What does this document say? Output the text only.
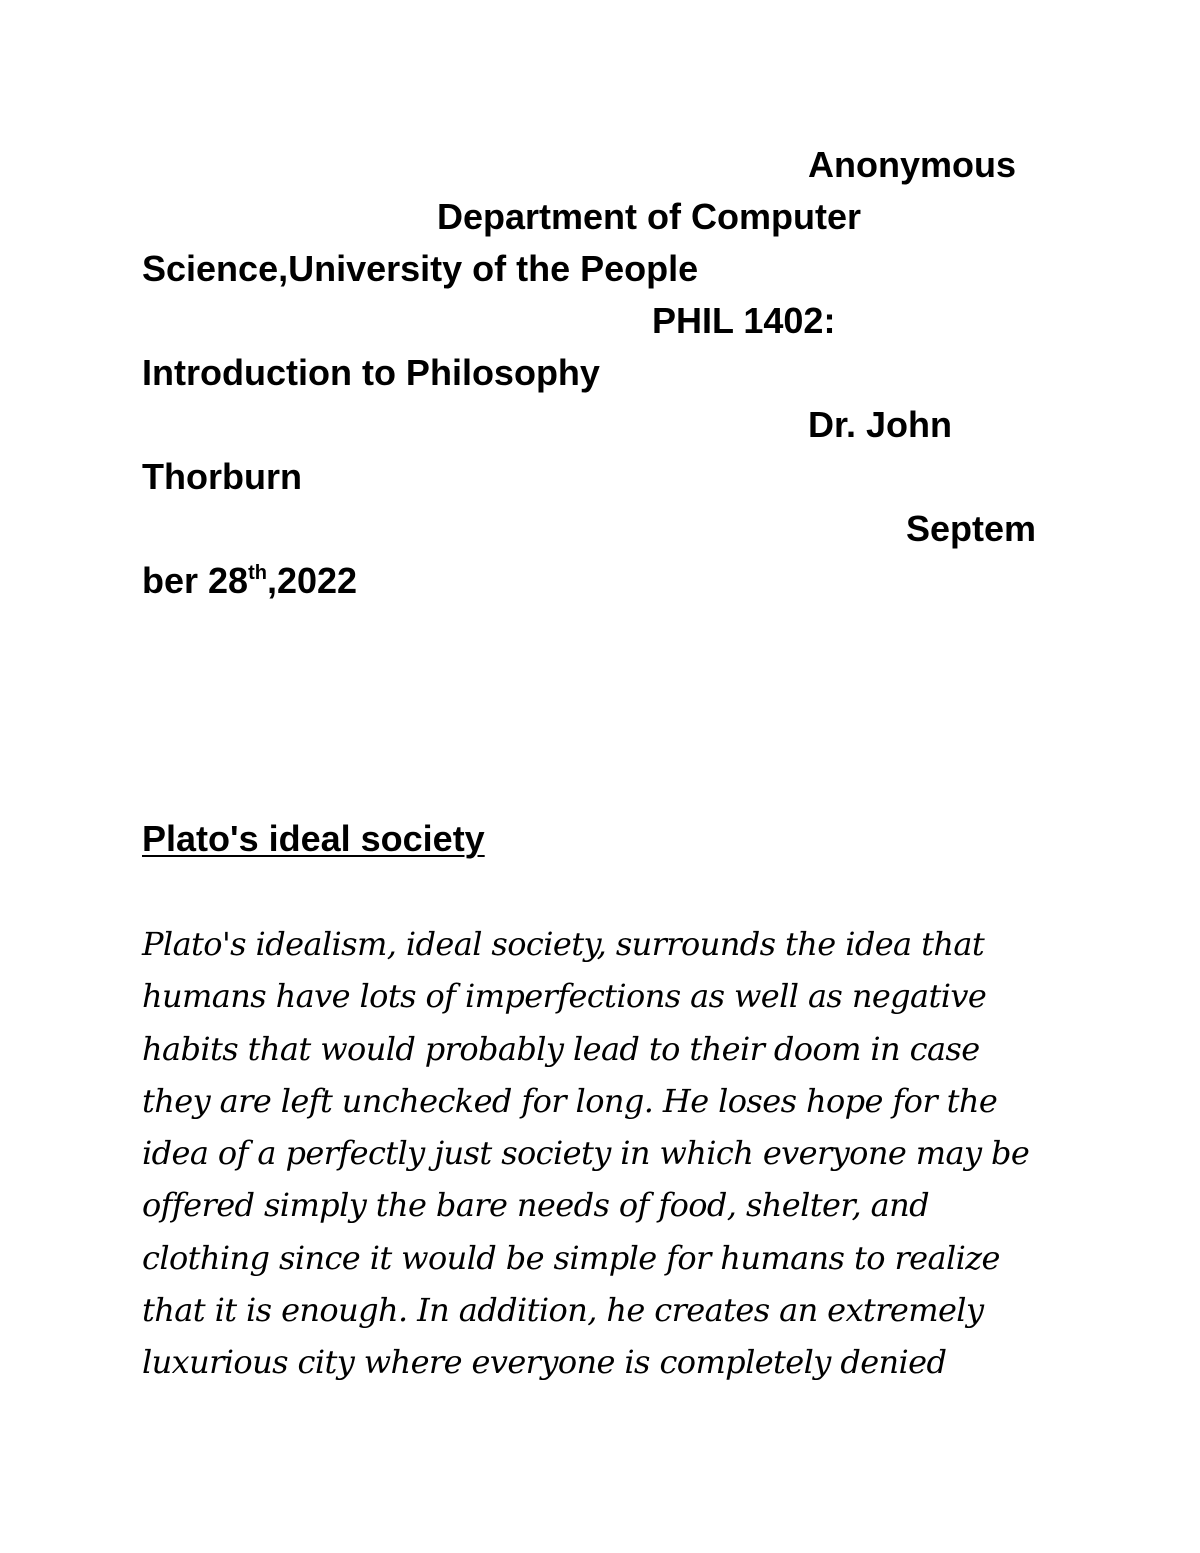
Anonymous
Department of Computer
Science,University of the People
PHIL 1402:
Introduction to Philosophy
Dr. John
Thorburn
Septem
ber 28th,2022
Plato's ideal society
Plato's idealism, ideal society, surrounds the idea that
humans have lots of imperfections as well as negative
habits that would probably lead to their doom in case
they are left unchecked for long. He loses hope for the
idea of a perfectly just society in which everyone may be
offered simply the bare needs of food, shelter, and
clothing since it would be simple for humans to realize
that it is enough. In addition, he creates an extremely
luxurious city where everyone is completely denied
